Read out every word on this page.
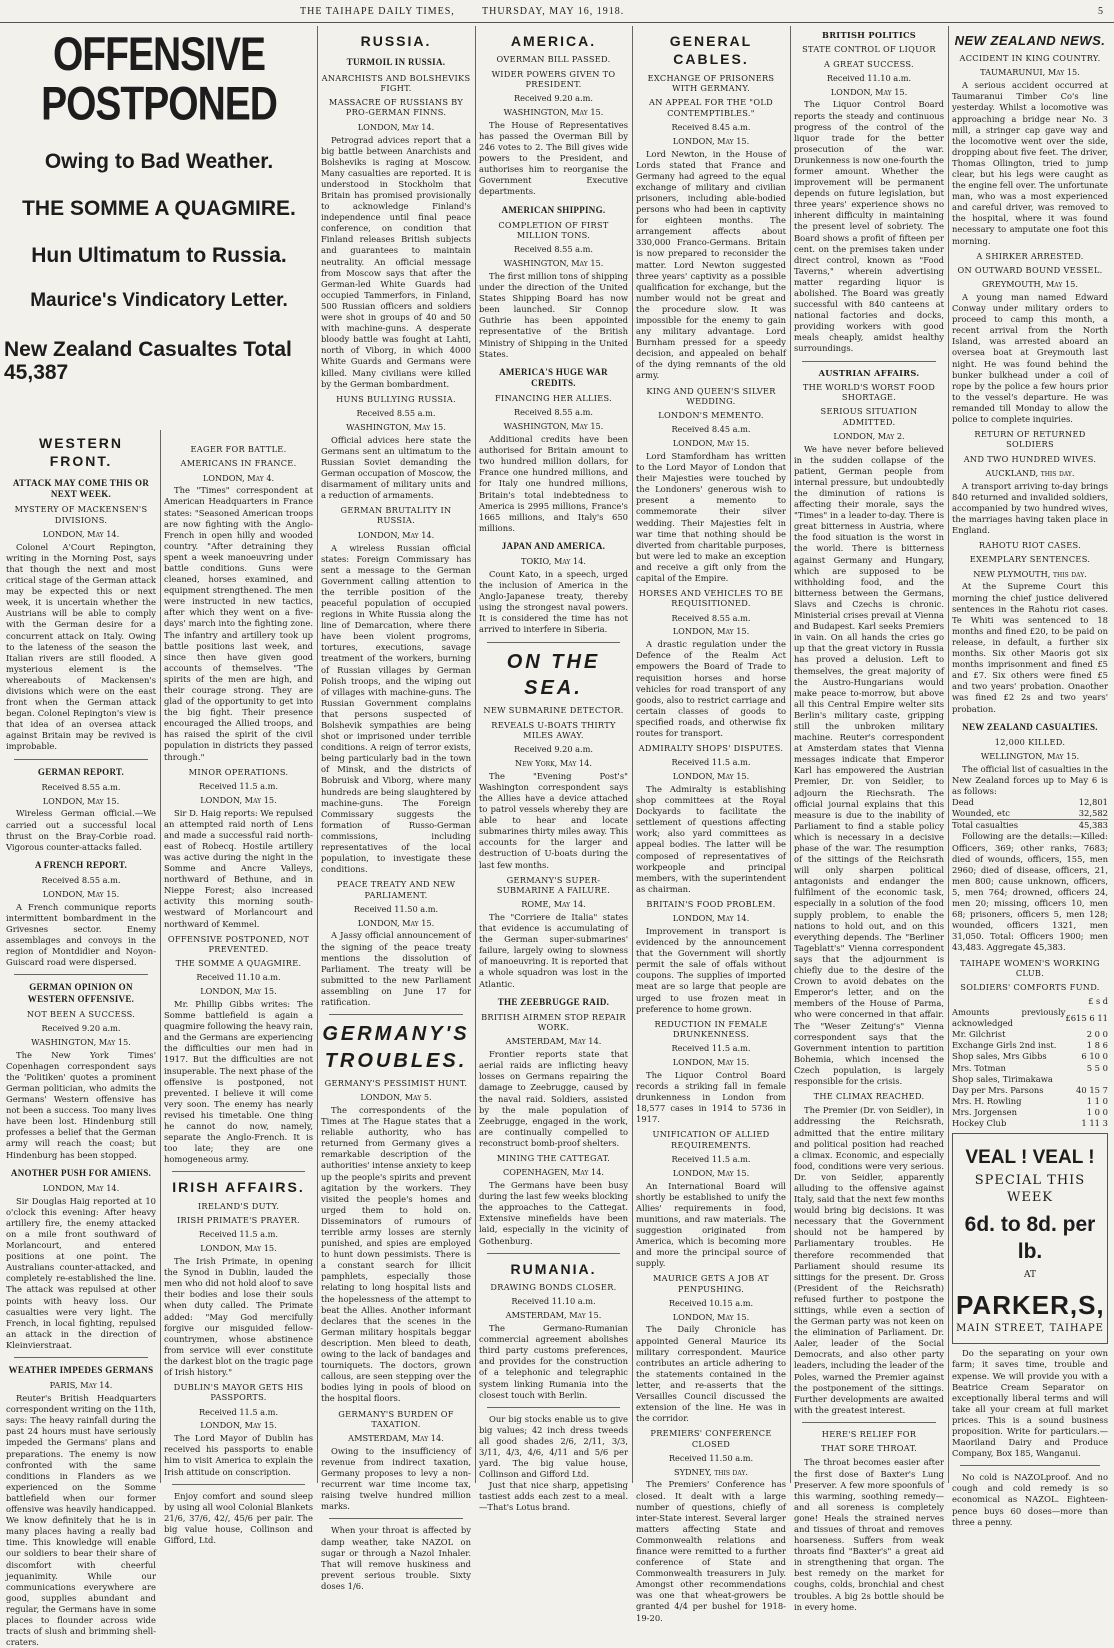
THE TAIHAPE DAILY TIMES,	THURSDAY, MAY 16, 1918.	5
OFFENSIVE POSTPONED
Owing to Bad Weather.
THE SOMME A QUAGMIRE.
Hun Ultimatum to Russia.
Maurice's Vindicatory Letter.
New Zealand Casualtes Total 45,387
WESTERN FRONT.
ATTACK MAY COME THIS OR NEXT WEEK.
MYSTERY OF MACKENSEN'S DIVISIONS.
LONDON, May 14.

Colonel A'Court Repington, writing in the Morning Post, says that though the next and most critical stage of the German attack may be expected this or next week, it is uncertain whether the Austrians will be able to comply with the German desire for a concurrent attack on Italy. Owing to the lateness of the season the Italian rivers are still flooded. A mysterious element is the whereabouts of Mackensen's divisions which were on the east front when the German attack began. Colonel Repington's view is that idea of an oversea attack against Britain may be revived is improbable.

GERMAN REPORT.
Received 8.55 a.m.
LONDON, May 15.

Wireless German official.—We carried out a successful local thrust on the Bray-Corbie road. Vigorous counter-attacks failed.

A FRENCH REPORT.
Received 8.55 a.m.
LONDON, May 15.

A French communique reports intermittent bombardment in the Grivesnes sector. Enemy assemblages and convoys in the region of Montdidier and Noyon-Guiscard road were dispersed.

GERMAN OPINION ON WESTERN OFFENSIVE.
NOT BEEN A SUCCESS.
Received 9.20 a.m.
WASHINGTON, May 15.

The New York Times' Copenhagen correspondent says the 'Politiken' quotes a prominent German politician, who admits the Germans' Western offensive has not been a success. Too many lives have been lost. Hindenburg still professes a belief that the German army will reach the coast; but Hindenburg has been stopped.

ANOTHER PUSH FOR AMIENS.
LONDON, May 14.

Sir Douglas Haig reported at 10 o'clock this evening: After heavy artillery fire, the enemy attacked on a mile front southward of Morlancourt, and entered positions at one point. The Australians counter-attacked, and completely re-established the line. The attack was repulsed at other points with heavy loss. Our casualties were very light. The French, in local fighting, repulsed an attack in the direction of Kleinvierstraat.

WEATHER IMPEDES GERMANS
PARIS, May 14.

Reuter's British Headquarters correspondent writing on the 11th, says: The heavy rainfall during the past 24 hours must have seriously impeded the Germans' plans and preparations. The enemy is now confronted with the same conditions in Flanders as we experienced on the Somme battlefield when our former offensive was heavily handicapped. We know definitely that he is in many places having a really bad time. This knowledge will enable our soldiers to bear their share of discomfort with cheerful jequanimity. While our communications everywhere are good, supplies abundant and regular, the Germans have in some places to flounder across wide tracts of slush and brimming shell-craters.

EAGER FOR BATTLE.
AMERICANS IN FRANCE.
LONDON, May 4.

The "Times" correspondent at American Headquarters in France states: "Seasoned American troops are now fighting with the Anglo-French in open hilly and wooded country. "After detraining they spent a week manoeuvring under battle conditions. Guns were cleaned, horses examined, and equipment strengthened. The men were instructed in new tactics, after which they went on a five-days' march into the fighting zone. The infantry and artillery took up battle positions last week, and since then have given good accounts of themselves. "The spirits of the men are high, and their courage strong. They are glad of the opportunity to get into the big fight. Their presence encouraged the Allied troops, and has raised the spirit of the civil population in districts they passed through."

MINOR OPERATIONS.
Received 11.5 a.m.
LONDON, May 15.

Sir D. Haig reports: We repulsed an attempted raid north of Lens and made a successful raid north-east of Robecq. Hostile artillery was active during the night in the Somme and Ancre Valleys, northward of Bethune, and in Nieppe Forest; also increased activity this morning south-westward of Morlancourt and northward of Kemmel.

OFFENSIVE POSTPONED, NOT PREVENTED.
THE SOMME A QUAGMIRE.
Received 11.10 a.m.
LONDON, May 15.

Mr. Phillip Gibbs writes: The Somme battlefield is again a quagmire following the heavy rain, and the Germans are experiencing the difficulties our men had in 1917. But the difficulties are not insuperable. The next phase of the offensive is postponed, not prevented. I believe it will come very soon. The enemy has nearly revised his timetable. One thing he cannot do now, namely, separate the Anglo-French. It is too late; they are one homogeneous army.

IRISH AFFAIRS.
IRELAND'S DUTY.
IRISH PRIMATE'S PRAYER.
Received 11.5 a.m.
LONDON, May 15.

The Irish Primate, in opening the Synod in Dublin, lauded the men who did not hold aloof to save their bodies and lose their souls when duty called. The Primate added: "May God mercifully forgive our misguided fellow-countrymen, whose abstinence from service will ever constitute the darkest blot on the tragic page of Irish history."

DUBLIN'S MAYOR GETS HIS PASSPORTS.
Received 11.5 a.m.
LONDON, May 15.

The Lord Mayor of Dublin has received his passports to enable him to visit America to explain the Irish attitude on conscription.

Enjoy comfort and sound sleep by using all wool Colonial Blankets 21/6, 37/6, 42/, 45/6 per pair. The big value house, Collinson and Gifford, Ltd.

RUSSIA.
TURMOIL IN RUSSIA.
ANARCHISTS AND BOLSHEVIKS FIGHT.
MASSACRE OF RUSSIANS BY PRO-GERMAN FINNS.
LONDON, May 14.

Petrograd advices report that a big battle between Anarchists and Bolsheviks is raging at Moscow. Many casualties are reported. It is understood in Stockholm that Britain has promised provisionally to acknowledge Finland's independence until final peace conference, on condition that Finland releases British subjects and guarantees to maintain neutrality. An official message from Moscow says that after the German-led White Guards had occupied Tammerfors, in Finland, 500 Russian officers and soldiers were shot in groups of 40 and 50 with machine-guns. A desperate bloody battle was fought at Lahti, north of Viborg, in which 4000 White Guards and Germans were killed. Many civilians were killed by the German bombardment.

HUNS BULLYING RUSSIA.
Received 8.55 a.m.
WASHINGTON, May 15.

Official advices here state the Germans sent an ultimatum to the Russian Soviet demanding the German occupation of Moscow, the disarmament of military units and a reduction of armaments.

GERMAN BRUTALITY IN RUSSIA.
LONDON, May 14.

A wireless Russian official states: Foreign Commissary has sent a message to the German Government calling attention to the terrible position of the peaceful population of occupied regions in White Russia along the line of Demarcation, where there have been violent progroms, tortures, executions, savage treatment of the workers, burning of Russian villages by German Polish troops, and the wiping out of villages with machine-guns. The Russian Government complains that persons suspected of Bolshevik sympathies are being shot or imprisoned under terrible conditions. A reign of terror exists, being particularly bad in the town of Minsk, and the districts of Bobruisk and Viborg, where many hundreds are being slaughtered by machine-guns. The Foreign Commissary suggests the formation of Russo-German commissions, including representatives of the local population, to investigate these conditions.

PEACE TREATY AND NEW PARLIAMENT.
Received 11.50 a.m.
LONDON, May 15.

A Jassy official announcement of the signing of the peace treaty mentions the dissolution of Parliament. The treaty will be submitted to the new Parliament assembling on June 17 for ratification.

GERMANY'S TROUBLES.
GERMANY'S PESSIMIST HUNT.
LONDON, May 5.

The correspondents of the Times at The Hague states that a reliable authority, who has returned from Germany gives a remarkable description of the authorities' intense anxiety to keep up the people's spirits and prevent agitation by the workers. They visited the people's homes and urged them to hold on. Disseminators of rumours of terrible army losses are sternly punished, and spies are employed to hunt down pessimists. There is a constant search for illicit pamphlets, especially those relating to long hospital lists and the hopelessness of the attempt to beat the Allies. Another informant declares that the scenes in the German military hospitals beggar description. Men bleed to death, owing to the lack of bandages and tourniquets. The doctors, grown callous, are seen stepping over the bodies lying in pools of blood on the hospital floors.

GERMANY'S BURDEN OF TAXATION.
AMSTERDAM, May 14.

Owing to the insufficiency of revenue from indirect taxation, Germany proposes to levy a non-recurrent war time income tax, raising twelve hundred million marks.

When your throat is affected by damp weather, take NAZOL on sugar or through a Nazol Inhaler. That will remove huskiness and prevent serious trouble. Sixty doses 1/6.

AMERICA.
OVERMAN BILL PASSED.
WIDER POWERS GIVEN TO PRESIDENT.
Received 9.20 a.m.
WASHINGTON, May 15.

The House of Representatives has passed the Overman Bill by 246 votes to 2. The Bill gives wide powers to the President, and authorises him to reorganise the Government Executive departments.

AMERICAN SHIPPING.
COMPLETION OF FIRST MILLION TONS.
Received 8.55 a.m.
WASHINGTON, May 15.

The first million tons of shipping under the direction of the United States Shipping Board has now been launched. Sir Connop Guthrie has been appointed representative of the British Ministry of Shipping in the United States.

AMERICA'S HUGE WAR CREDITS.
FINANCING HER ALLIES.
Received 8.55 a.m.
WASHINGTON, May 15.

Additional credits have been authorised for Britain amount to two hundred million dollars, for France one hundred millions, and for Italy one hundred millions, Britain's total indebtedness to America is 2995 millions, France's 1665 millions, and Italy's 650 millions.

JAPAN AND AMERICA.
TOKIO, May 14.

Count Kato, in a speech, urged the inclusion of America in the Anglo-Japanese treaty, thereby using the strongest naval powers. It is considered the time has not arrived to interfere in Siberia.

ON THE SEA.
NEW SUBMARINE DETECTOR.
REVEALS U-BOATS THIRTY MILES AWAY.
Received 9.20 a.m.
New York, May 14.

The "Evening Post's" Washington correspondent says the Allies have a device attached to patrol vessels whereby they are able to hear and locate submarines thirty miles away. This accounts for the larger and destruction of U-boats during the last few months.

GERMANY'S SUPER-SUBMARINE A FAILURE.
ROME, May 14.

The "Corriere de Italia" states that evidence is accumulating of the German super-submarines' failure, largely owing to slowness of manoeuvring. It is reported that a whole squadron was lost in the Atlantic.

THE ZEEBRUGGE RAID.
BRITISH AIRMEN STOP REPAIR WORK.
AMSTERDAM, May 14.

Frontier reports state that aerial raids are inflicting heavy losses on Germans repairing the damage to Zeebrugge, caused by the naval raid. Soldiers, assisted by the male population of Zeebrugge, engaged in the work, are continually compelled to reconstruct bomb-proof shelters.

MINING THE CATTEGAT.
COPENHAGEN, May 14.

The Germans have been busy during the last few weeks blocking the approaches to the Cattegat. Extensive minefields have been laid, especially in the vicinity of Gothenburg.

RUMANIA.
DRAWING BONDS CLOSER.
Received 11.10 a.m.
AMSTERDAM, May 15.

The Germano-Rumanian commercial agreement abolishes third party customs preferences, and provides for the construction of a telephonic and telegraphic system linking Rumania into the closest touch with Berlin.

Our big stocks enable us to give big values; 42 inch dress tweeds all good shades 2/6, 2/11, 3/3, 3/11, 4/3, 4/6, 4/11 and 5/6 per yard. The big value house, Collinson and Gifford Ltd.

Just that nice sharp, appetising tastiest adds each zest to a meal.—That's Lotus brand.

GENERAL CABLES.
EXCHANGE OF PRISONERS WITH GERMANY.
AN APPEAL FOR THE "OLD CONTEMPTIBLES."
Received 8.45 a.m.
LONDON, May 15.

Lord Newton, in the House of Lords stated that France and Germany had agreed to the equal exchange of military and civilian prisoners, including able-bodied persons who had been in captivity for eighteen months. The arrangement affects about 330,000 Franco-Germans. Britain is now prepared to reconsider the matter. Lord Newton suggested three years' captivity as a possible qualification for exchange, but the number would not be great and the procedure slow. It was impossible for the enemy to gain any military advantage. Lord Burnham pressed for a speedy decision, and appealed on behalf of the dying remnants of the old army.

KING AND QUEEN'S SILVER WEDDING.
LONDON'S MEMENTO.
Received 8.45 a.m.
LONDON, May 15.

Lord Stamfordham has written to the Lord Mayor of London that their Majesties were touched by the Londoners' generous wish to present a memento to commemorate their silver wedding. Their Majesties felt in war time that nothing should be diverted from charitable purposes, but were led to make an exception and receive a gift only from the capital of the Empire.

HORSES AND VEHICLES TO BE REQUISITIONED.
Received 8.55 a.m.
LONDON, May 15.

A drastic regulation under the Defence of the Realm Act empowers the Board of Trade to requisition horses and horse vehicles for road transport of any goods, also to restrict carriage and certain classes of goods to specified roads, and otherwise fix routes for transport.

ADMIRALTY SHOPS' DISPUTES.
Received 11.5 a.m.
LONDON, May 15.

The Admiralty is establishing shop committees at the Royal Dockyards to facilitate the settlement of questions affecting work; also yard committees as appeal bodies. The latter will be composed of representatives of workpeople and principal members, with the superintendent as chairman.

BRITAIN'S FOOD PROBLEM.
LONDON, May 14.

Improvement in transport is evidenced by the announcement that the Government will shortly permit the sale of offals without coupons. The supplies of imported meat are so large that people are urged to use frozen meat in preference to home grown.

REDUCTION IN FEMALE DRUNKENNESS.
Received 11.5 a.m.
LONDON, May 15.

The Liquor Control Board records a striking fall in female drunkenness in London from 18,577 cases in 1914 to 5736 in 1917.

UNIFICATION OF ALLIED REQUIREMENTS.
Received 11.5 a.m.
LONDON, May 15.

An International Board will shortly be established to unify the Allies' requirements in food, munitions, and raw materials. The suggestion originated from America, which is becoming more and more the principal source of supply.

MAURICE GETS A JOB AT PENPUSHING.
Received 10.15 a.m.
LONDON, May 15.

The Daily Chronicle has appointed General Maurice its military correspondent. Maurice contributes an article adhering to the statements contained in the letter, and re-asserts that the Versailles Council discussed the extension of the line. He was in the corridor.

PREMIERS' CONFERENCE CLOSED
Received 11.50 a.m.
SYDNEY, this day.

The Premiers' Conference has closed. It dealt with a large number of questions, chiefly of inter-State interest. Several larger matters affecting State and Commonwealth relations and finance were remitted to a further conference of State and Commonwealth treasurers in July. Amongst other recommendations was one that wheat-growers be granted 4/4 per bushel for 1918-19-20.

BRITISH POLITICS
STATE CONTROL OF LIQUOR
A GREAT SUCCESS.
Received 11.10 a.m.
LONDON, May 15.

The Liquor Control Board reports the steady and continuous progress of the control of the liquor trade for the better prosecution of the war. Drunkenness is now one-fourth the former amount. Whether the improvement will be permanent depends on future legislation, but three years' experience shows no inherent difficulty in maintaining the present level of sobriety. The Board shows a profit of fifteen per cent. on the premises taken under direct control, known as "Food Taverns," wherein advertising matter regarding liquor is abolished. The Board was greatly successful with 840 canteens at national factories and docks, providing workers with good meals cheaply, amidst healthy surroundings.

AUSTRIAN AFFAIRS.
THE WORLD'S WORST FOOD SHORTAGE.
SERIOUS SITUATION ADMITTED.
LONDON, May 2.

We have never before believed in the sudden collapse of the patient, German people from internal pressure, but undoubtedly the diminution of rations is affecting their morale, says the "Times" in a leader to-day. There is great bitterness in Austria, where the food situation is the worst in the world. There is bitterness against Germany and Hungary, which are supposed to be withholding food, and the bitterness between the Germans, Slavs and Czechs is chronic. Ministerial crises prevail at Vienna and Budapest. Karl seeks Premiers in vain. On all hands the cries go up that the great victory in Russia has proved a delusion. Left to themselves, the great majority of the Austro-Hungarians would make peace to-morrow, but above all this Central Empire welter sits Berlin's military caste, gripping still the unbroken military machine. Reuter's correspondent at Amsterdam states that Vienna messages indicate that Emperor Karl has empowered the Austrian Premier, Dr. von Seidler, to adjourn the Riechsrath. The official journal explains that this measure is due to the inability of Parliament to find a stable policy which is necessary in a decisive phase of the war. The resumption of the sittings of the Reichsrath will only sharpen political antagonists and endanger the fulfilment of the economic task, especially in a solution of the food supply problem, to enable the nations to hold out, and on this everything depends. The "Berliner Tageblatt's" Vienna correspondent says that the adjournment is chiefly due to the desire of the Crown to avoid debates on the Emperor's letter, and on the members of the House of Parma, who were concerned in that affair. The "Weser Zeitung's" Vienna correspondent says that the Government intention to partition Bohemia, which incensed the Czech population, is largely responsible for the crisis.

THE CLIMAX REACHED.

The Premier (Dr. von Seidler), in addressing the Reichsrath, admitted that the entire military and political position had reached a climax. Economic, and especially food, conditions were very serious. Dr. von Seidler, apparently alluding to the offensive against Italy, said that the next few months would bring big decisions. It was necessary that the Government should not be hampered by Parliamentary troubles. He therefore recommended that Parliament should resume its sittings for the present. Dr. Gross (President of the Reichsrath) refused further to postpone the sittings, while even a section of the German party was not keen on the elimination of Parliament. Dr. Aaler, leader of the Social Democrats, and also other party leaders, including the leader of the Poles, warned the Premier against the postponement of the sittings. Further developments are awaited with the greatest interest.

HERE'S RELIEF FOR
THAT SORE THROAT.

The throat becomes easier after the first dose of Baxter's Lung Preserver. A few more spoonfuls of this warming, soothing remedy—and all soreness is completely gone! Heals the strained nerves and tissues of throat and removes hoarseness. Suffers from weak throats find "Baxter's" a great aid in strengthening that organ. The best remedy on the market for coughs, colds, bronchial and chest troubles. A big 2s bottle should be in every home.

NEW ZEALAND NEWS.
ACCIDENT IN KING COUNTRY.
TAUMARUNUI, May 15.

A serious accident occurred at Taumaranui Timber Co's line yesterday. Whilst a locomotive was approaching a bridge near No. 3 mill, a stringer cap gave way and the locomotive went over the side, dropping about five feet. The driver, Thomas Ollington, tried to jump clear, but his legs were caught as the engine fell over. The unfortunate man, who was a most experienced and careful driver, was removed to the hospital, where it was found necessary to amputate one foot this morning.

A SHIRKER ARRESTED.
ON OUTWARD BOUND VESSEL.
GREYMOUTH, May 15.

A young man named Edward Conway under military orders to proceed to camp this month, a recent arrival from the North Island, was arrested aboard an oversea boat at Greymouth last night. He was found behind the bunker bulkhead under a coil of rope by the police a few hours prior to the vessel's departure. He was remanded till Monday to allow the police to complete inquiries.

RETURN OF RETURNED SOLDIERS
AND TWO HUNDRED WIVES.
AUCKLAND, this day.

A transport arriving to-day brings 840 returned and invalided soldiers, accompanied by two hundred wives, the marriages having taken place in England.

RAHOTU RIOT CASES.
EXEMPLARY SENTENCES.
NEW PLYMOUTH, this day.

At the Supreme Court this morning the chief justice delivered sentences in the Rahotu riot cases. Te Whiti was sentenced to 18 months and fined £20, to be paid on release, in default, a further six months. Six other Maoris got six months imprisonment and fined £5 and £7. Six others were fined £5 and two years' probation. Onaother was fined £2 2s and two years' probation.

NEW ZEALAND CASUALTIES.
12,000 KILLED.
WELLINGTON, May 15.

The official list of casualties in the New Zealand forces up to May 6 is as follows:

Dead	12,801
Wounded, etc	32,582
Total casualties	45,383

Following are the details:—Killed: Officers, 369; other ranks, 7683; died of wounds, officers, 155, men 2960; died of disease, officers, 21, men 800; cause unknown, officers, 5, men 764; drowned, officers 24, men 20; missing, officers 10, men 68; prisoners, officers 5, men 128; wounded, officers 1321, men 31,050. Total: Officers 1900; men 43,483. Aggregate 45,383.

TAIHAPE WOMEN'S WORKING CLUB.
SOLDIERS' COMFORTS FUND.
£ s d
Amounts previously acknowledged	£615 6 11
Mr. Gilchrist	2 0 0
Exchange Girls 2nd inst.	1 8 6
Shop sales, Mrs Gibbs	6 10 0
Mrs. Totman	5 5 0
Shop sales, Tirimakawa	
Day per Mrs. Parsons	40 15 7
Mrs. H. Rowling	1 1 0
Mrs. Jorgensen	1 0 0
Hockey Club	1 11 3
VEAL ! VEAL !
SPECIAL THIS WEEK
6d. to 8d. per lb.
AT
PARKER,S,
MAIN STREET, TAIHAPE

Do the separating on your own farm; it saves time, trouble and expense. We will provide you with a Beatrice Cream Separator on exceptionally liberal terms and will take all your cream at full market prices. This is a sound business proposition. Write for particulars.—Maoriland Dairy and Produce Company, Box 185, Wanganui.

No cold is NAZOLproof. And no cough and cold remedy is so economical as NAZOL. Eighteen-pence buys 60 doses—more than three a penny.
